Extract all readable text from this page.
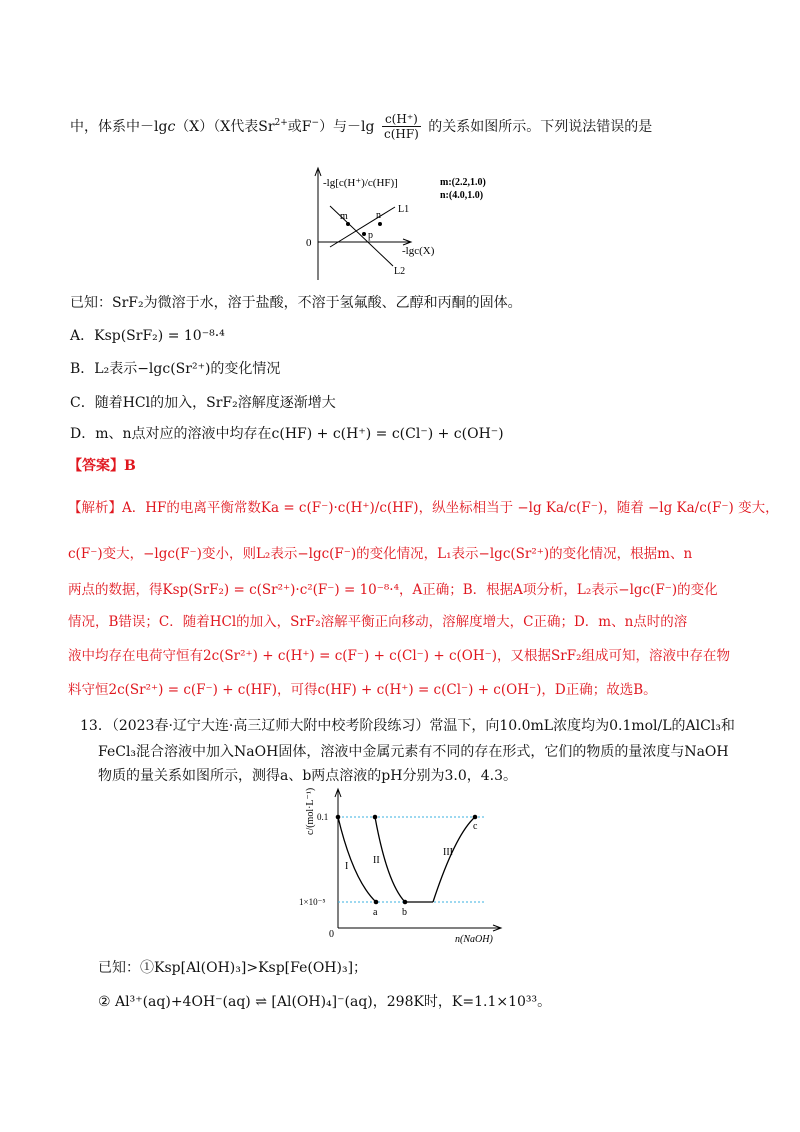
中，体系中－lgc（X）（X代表$Sr^{2+}$或F−）与$-\lg \frac{c(H^+)}{c(HF)}$ 的关系如图所示。下列说法错误的是
-lg[c(H⁺)/c(HF)]
0
-lgc(X)
L1
L2
m	n
p
m:(2.2,1.0)
n:(4.0,1.0)
已知：SrF₂为微溶于水，溶于盐酸，不溶于氢氟酸、乙醇和丙酮的固体。
A．Ksp(SrF₂) = 10⁻⁸·⁴
B．L₂表示−lgc(Sr²⁺)的变化情况
C．随着HCl的加入，SrF₂溶解度逐渐增大
D．m、n点对应的溶液中均存在c(HF) + c(H⁺) = c(Cl⁻) + c(OH⁻)
【答案】B
【解析】A．HF的电离平衡常数Ka = c(F⁻)·c(H⁺)/c(HF)，纵坐标相当于 −lg Ka/c(F⁻)，随着 −lg Ka/c(F⁻) 变大，
c(F⁻)变大，−lgc(F⁻)变小，则L₂表示−lgc(F⁻)的变化情况，L₁表示−lgc(Sr²⁺)的变化情况，根据m、n
两点的数据，得Ksp(SrF₂) = c(Sr²⁺)·c²(F⁻) = 10⁻⁸·⁴，A正确；B．根据A项分析，L₂表示−lgc(F⁻)的变化
情况，B错误；C．随着HCl的加入，SrF₂溶解平衡正向移动，溶解度增大，C正确；D．m、n点时的溶
液中均存在电荷守恒有2c(Sr²⁺) + c(H⁺) = c(F⁻) + c(Cl⁻) + c(OH⁻)，又根据SrF₂组成可知，溶液中存在物
料守恒2c(Sr²⁺) = c(F⁻) + c(HF)，可得c(HF) + c(H⁺) = c(Cl⁻) + c(OH⁻)，D正确；故选B。
13．（2023春·辽宁大连·高三辽师大附中校考阶段练习）常温下，向10.0mL浓度均为0.1mol/L的AlCl₃和
FeCl₃混合溶液中加入NaOH固体，溶液中金属元素有不同的存在形式，它们的物质的量浓度与NaOH
物质的量关系如图所示，测得a、b两点溶液的pH分别为3.0，4.3。
c/(mol·L⁻¹)
n(NaOH)
0
0.1
1×10⁻⁵
a b
c
I
II
III
已知：①Ksp[Al(OH)₃]>Ksp[Fe(OH)₃]；
② Al³⁺(aq)+4OH⁻(aq) ⇌ [Al(OH)₄]⁻(aq)，298K时，K=1.1×10³³。
